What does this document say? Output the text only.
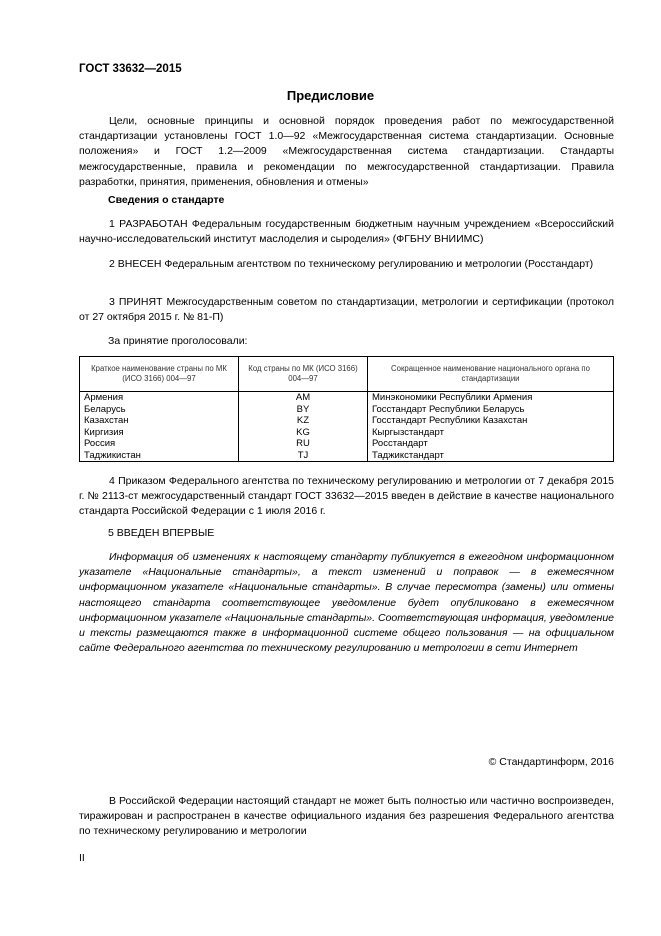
ГОСТ 33632—2015
Предисловие
Цели, основные принципы и основной порядок проведения работ по межгосударственной стандартизации установлены ГОСТ 1.0—92 «Межгосударственная система стандартизации. Основные положения» и ГОСТ 1.2—2009 «Межгосударственная система стандартизации. Стандарты межгосударственные, правила и рекомендации по межгосударственной стандартизации. Правила разработки, принятия, применения, обновления и отмены»
Сведения о стандарте
1 РАЗРАБОТАН Федеральным государственным бюджетным научным учреждением «Всероссийский научно-исследовательский институт маслоделия и сыроделия» (ФГБНУ ВНИИМС)
2 ВНЕСЕН Федеральным агентством по техническому регулированию и метрологии (Росстандарт)
3 ПРИНЯТ Межгосударственным советом по стандартизации, метрологии и сертификации (протокол от 27 октября 2015 г. № 81-П)
За принятие проголосовали:
Краткое наименование страны по МК (ИСО 3166) 004—97	Код страны по МК (ИСО 3166) 004—97	Сокращенное наименование национального органа по стандартизации
Армения	AM	Минэкономики Республики Армения
Беларусь	BY	Госстандарт Республики Беларусь
Казахстан	KZ	Госстандарт Республики Казахстан
Киргизия	KG	Кыргызстандарт
Россия	RU	Росстандарт
Таджикистан	TJ	Таджикстандарт
4 Приказом Федерального агентства по техническому регулированию и метрологии от 7 декабря 2015 г. № 2113-ст межгосударственный стандарт ГОСТ 33632—2015 введен в действие в качестве национального стандарта Российской Федерации с 1 июля 2016 г.
5 ВВЕДЕН ВПЕРВЫЕ
Информация об изменениях к настоящему стандарту публикуется в ежегодном информационном указателе «Национальные стандарты», а текст изменений и поправок — в ежемесячном информационном указателе «Национальные стандарты». В случае пересмотра (замены) или отмены настоящего стандарта соответствующее уведомление будет опубликовано в ежемесячном информационном указателе «Национальные стандарты». Соответствующая информация, уведомление и тексты размещаются также в информационной системе общего пользования — на официальном сайте Федерального агентства по техническому регулированию и метрологии в сети Интернет
© Стандартинформ, 2016
В Российской Федерации настоящий стандарт не может быть полностью или частично воспроизведен, тиражирован и распространен в качестве официального издания без разрешения Федерального агентства по техническому регулированию и метрологии
II
